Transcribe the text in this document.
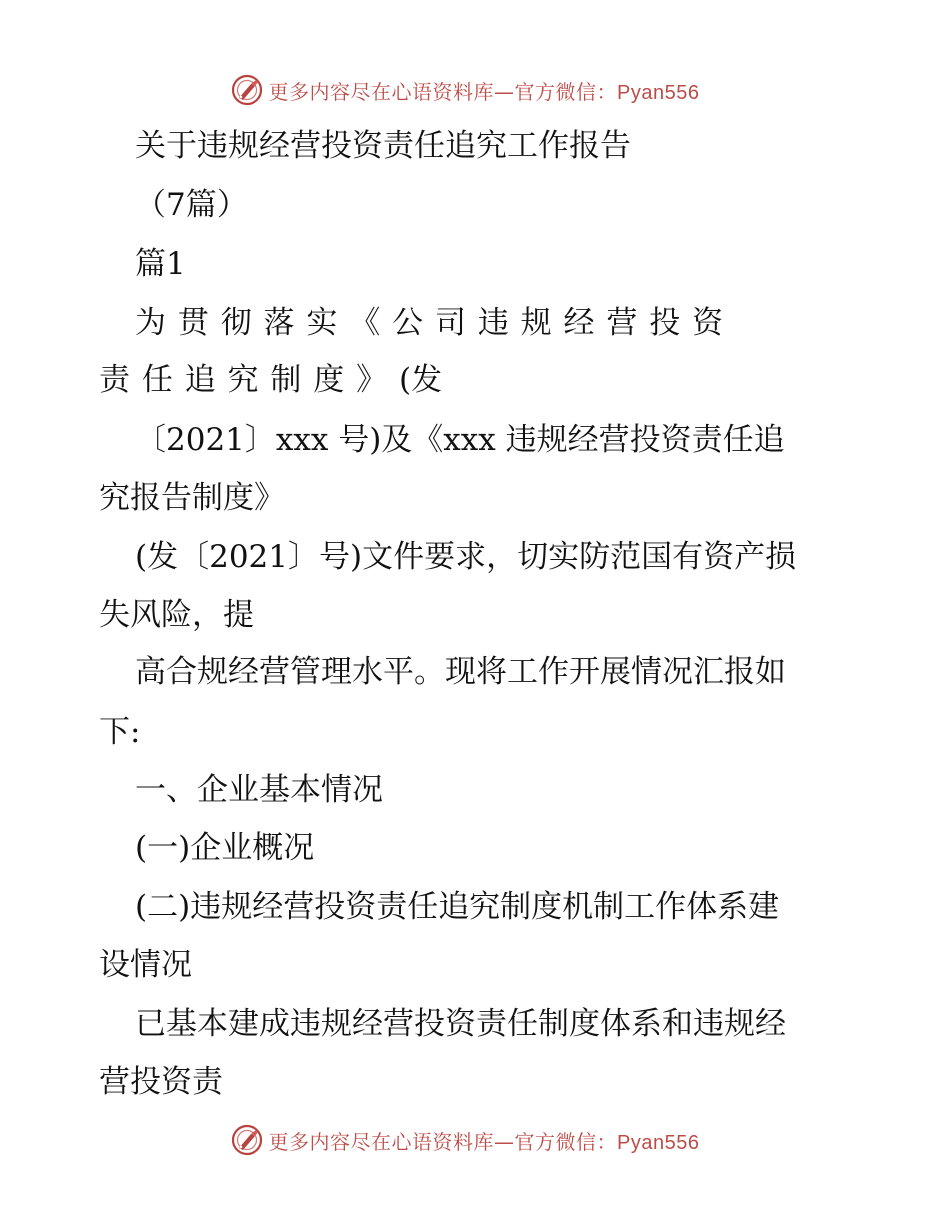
更多内容尽在心语资料库—官方微信：Pyan556
关于违规经营投资责任追究工作报告
（7篇）
篇1
为 贯 彻 落 实 《 公 司 违 规 经 营 投 资
责 任 追 究 制 度 》 (发
〔2021〕xxx 号)及《xxx 违规经营投资责任追
究报告制度》
(发〔2021〕号)文件要求，切实防范国有资产损
失风险，提
高合规经营管理水平。现将工作开展情况汇报如
下:
一、企业基本情况
(一)企业概况
(二)违规经营投资责任追究制度机制工作体系建
设情况
已基本建成违规经营投资责任制度体系和违规经
营投资责
更多内容尽在心语资料库—官方微信：Pyan556
